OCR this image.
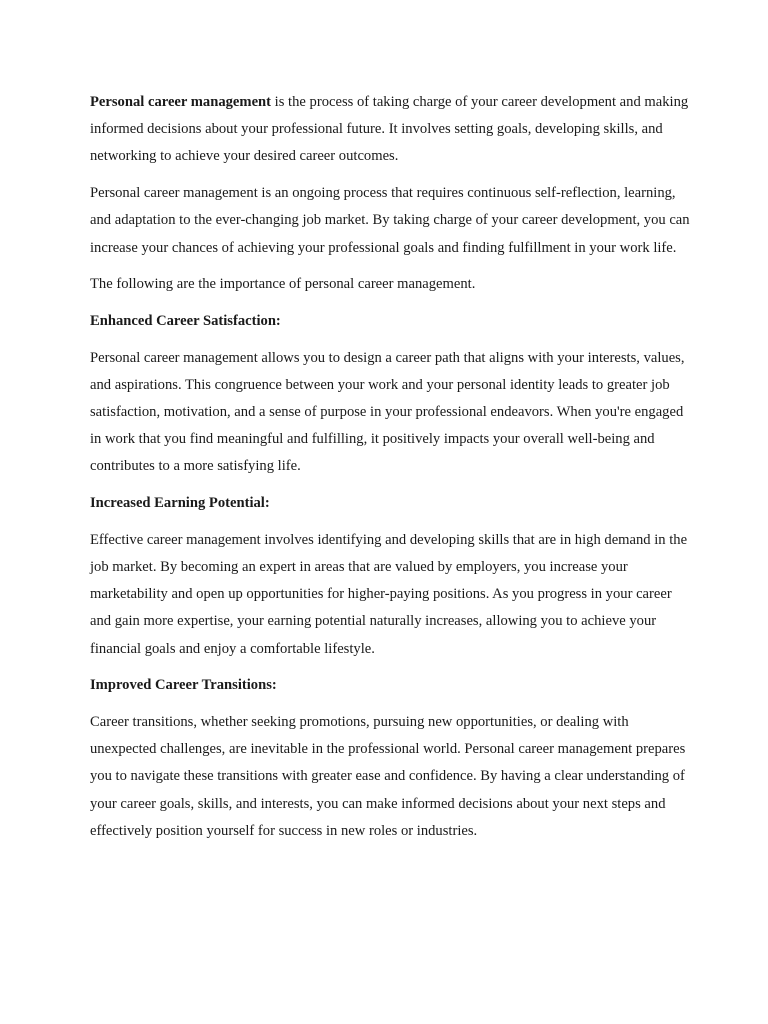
Personal career management is the process of taking charge of your career development and making informed decisions about your professional future. It involves setting goals, developing skills, and networking to achieve your desired career outcomes.

Personal career management is an ongoing process that requires continuous self-reflection, learning, and adaptation to the ever-changing job market. By taking charge of your career development, you can increase your chances of achieving your professional goals and finding fulfillment in your work life.

The following are the importance of personal career management.

Enhanced Career Satisfaction:

Personal career management allows you to design a career path that aligns with your interests, values, and aspirations. This congruence between your work and your personal identity leads to greater job satisfaction, motivation, and a sense of purpose in your professional endeavors. When you're engaged in work that you find meaningful and fulfilling, it positively impacts your overall well-being and contributes to a more satisfying life.

Increased Earning Potential:

Effective career management involves identifying and developing skills that are in high demand in the job market. By becoming an expert in areas that are valued by employers, you increase your marketability and open up opportunities for higher-paying positions. As you progress in your career and gain more expertise, your earning potential naturally increases, allowing you to achieve your financial goals and enjoy a comfortable lifestyle.

Improved Career Transitions:

Career transitions, whether seeking promotions, pursuing new opportunities, or dealing with unexpected challenges, are inevitable in the professional world. Personal career management prepares you to navigate these transitions with greater ease and confidence. By having a clear understanding of your career goals, skills, and interests, you can make informed decisions about your next steps and effectively position yourself for success in new roles or industries.
